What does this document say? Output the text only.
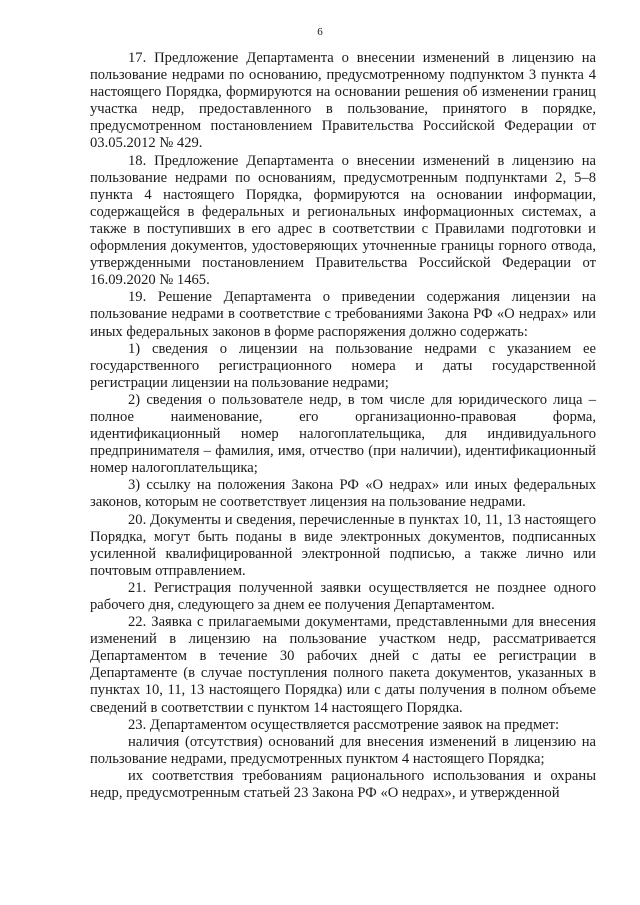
6

17. Предложение Департамента о внесении изменений в лицензию на пользование недрами по основанию, предусмотренному подпунктом 3 пункта 4 настоящего Порядка, формируются на основании решения об изменении границ участка недр, предоставленного в пользование, принятого в порядке, предусмотренном постановлением Правительства Российской Федерации от 03.05.2012 № 429.

18. Предложение Департамента о внесении изменений в лицензию на пользование недрами по основаниям, предусмотренным подпунктами 2, 5–8 пункта 4 настоящего Порядка, формируются на основании информации, содержащейся в федеральных и региональных информационных системах, а также в поступивших в его адрес в соответствии с Правилами подготовки и оформления документов, удостоверяющих уточненные границы горного отвода, утвержденными постановлением Правительства Российской Федерации от 16.09.2020 № 1465.

19. Решение Департамента о приведении содержания лицензии на пользование недрами в соответствие с требованиями Закона РФ «О недрах» или иных федеральных законов в форме распоряжения должно содержать:

1) сведения о лицензии на пользование недрами с указанием ее государственного регистрационного номера и даты государственной регистрации лицензии на пользование недрами;

2) сведения о пользователе недр, в том числе для юридического лица – полное наименование, его организационно-правовая форма, идентификационный номер налогоплательщика, для индивидуального предпринимателя – фамилия, имя, отчество (при наличии), идентификационный номер налогоплательщика;

3) ссылку на положения Закона РФ «О недрах» или иных федеральных законов, которым не соответствует лицензия на пользование недрами.

20. Документы и сведения, перечисленные в пунктах 10, 11, 13 настоящего Порядка, могут быть поданы в виде электронных документов, подписанных усиленной квалифицированной электронной подписью, а также лично или почтовым отправлением.

21. Регистрация полученной заявки осуществляется не позднее одного рабочего дня, следующего за днем ее получения Департаментом.

22. Заявка с прилагаемыми документами, представленными для внесения изменений в лицензию на пользование участком недр, рассматривается Департаментом в течение 30 рабочих дней с даты ее регистрации в Департаменте (в случае поступления полного пакета документов, указанных в пунктах 10, 11, 13 настоящего Порядка) или с даты получения в полном объеме сведений в соответствии с пунктом 14 настоящего Порядка.

23. Департаментом осуществляется рассмотрение заявок на предмет:

наличия (отсутствия) оснований для внесения изменений в лицензию на пользование недрами, предусмотренных пунктом 4 настоящего Порядка;

их соответствия требованиям рационального использования и охраны недр, предусмотренным статьей 23 Закона РФ «О недрах», и утвержденной
